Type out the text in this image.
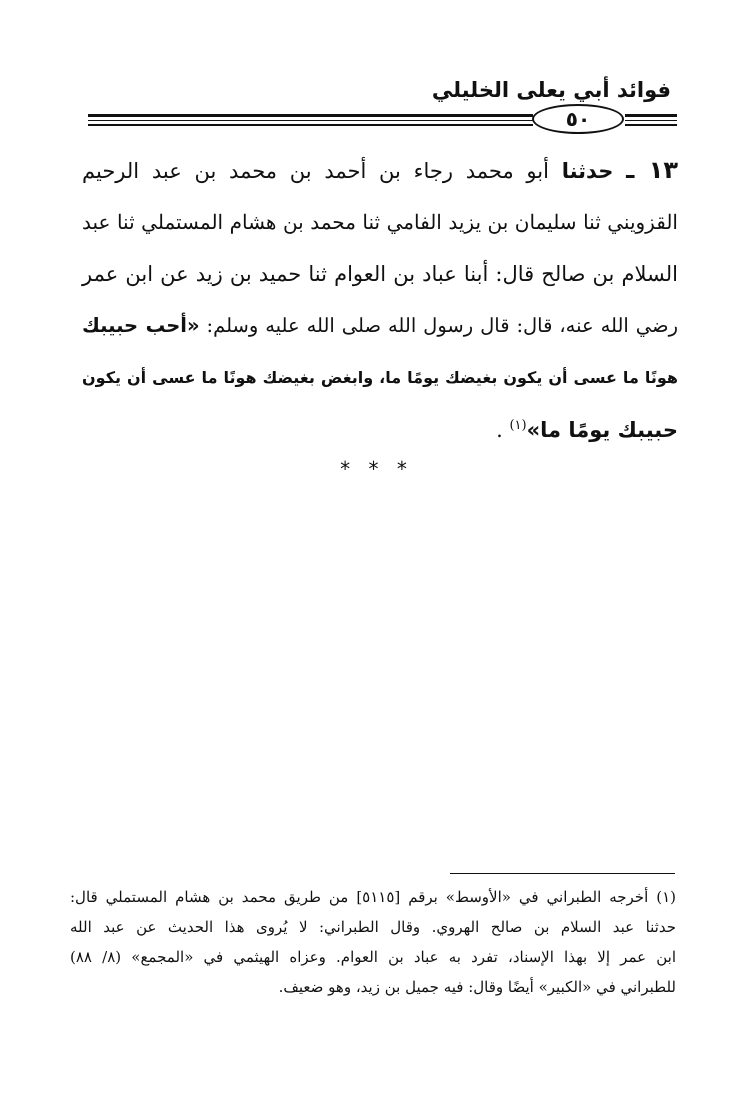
فوائد أبي يعلى الخليلي
٥٠
١٣ ـ حدثنا أبو محمد رجاء بن أحمد بن محمد بن عبد الرحيم
القزويني ثنا سليمان بن يزيد الفامي ثنا محمد بن هشام المستملي ثنا عبد
السلام بن صالح قال: أبنا عباد بن العوام ثنا حميد بن زيد عن ابن عمر
رضي الله عنه، قال: قال رسول الله صلى الله عليه وسلم: «أحب حبيبك
هونًا ما عسى أن يكون بغيضك يومًا ما، وابغض بغيضك هونًا ما عسى أن يكون
حبيبك يومًا ما»$^{(١)}$ .
* * *
(١) أخرجه الطبراني في «الأوسط» برقم [٥١١٥] من طريق محمد بن هشام المستملي قال:
حدثنا عبد السلام بن صالح الهروي. وقال الطبراني: لا يُروى هذا الحديث عن عبد الله
ابن عمر إلا بهذا الإسناد، تفرد به عباد بن العوام. وعزاه الهيثمي في «المجمع» (٨/ ٨٨)
للطبراني في «الكبير» أيضًا وقال: فيه جميل بن زيد، وهو ضعيف.
